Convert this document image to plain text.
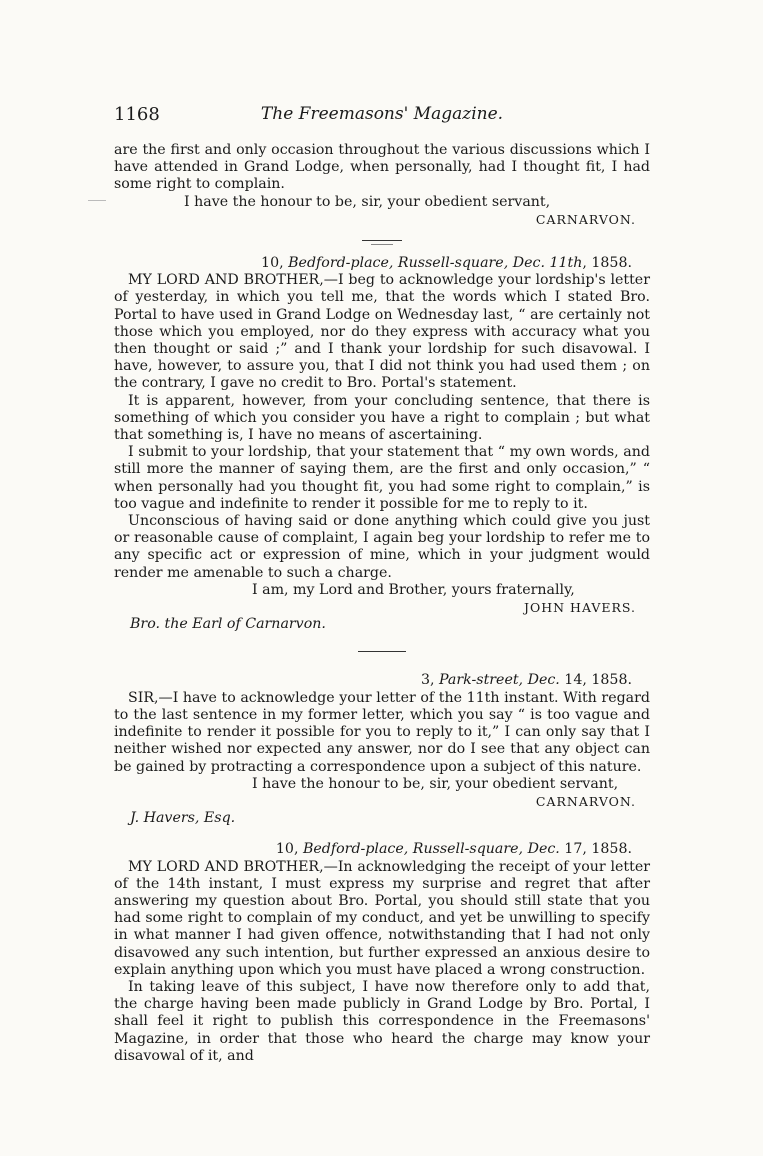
1168	The Freemasons' Magazine.

are the first and only occasion throughout the various discussions which I have attended in Grand Lodge, when personally, had I thought fit, I had some right to complain.

I have the honour to be, sir, your obedient servant,

CARNARVON.

10, Bedford-place, Russell-square, Dec. 11th, 1858.

MY LORD AND BROTHER,—I beg to acknowledge your lordship's letter of yesterday, in which you tell me, that the words which I stated Bro. Portal to have used in Grand Lodge on Wednesday last, “ are certainly not those which you employed, nor do they express with accuracy what you then thought or said ;” and I thank your lordship for such disavowal. I have, however, to assure you, that I did not think you had used them ; on the contrary, I gave no credit to Bro. Portal's statement.

It is apparent, however, from your concluding sentence, that there is something of which you consider you have a right to complain ; but what that something is, I have no means of ascertaining.

I submit to your lordship, that your statement that “ my own words, and still more the manner of saying them, are the first and only occasion,” “ when personally had you thought fit, you had some right to complain,” is too vague and indefinite to render it possible for me to reply to it.

Unconscious of having said or done anything which could give you just or reasonable cause of complaint, I again beg your lordship to refer me to any specific act or expression of mine, which in your judgment would render me amenable to such a charge.

I am, my Lord and Brother, yours fraternally,

JOHN HAVERS.

Bro. the Earl of Carnarvon.

3, Park-street, Dec. 14, 1858.

SIR,—I have to acknowledge your letter of the 11th instant. With regard to the last sentence in my former letter, which you say “ is too vague and indefinite to render it possible for you to reply to it,” I can only say that I neither wished nor expected any answer, nor do I see that any object can be gained by protracting a correspondence upon a subject of this nature.

I have the honour to be, sir, your obedient servant,

CARNARVON.

J. Havers, Esq.

10, Bedford-place, Russell-square, Dec. 17, 1858.

MY LORD AND BROTHER,—In acknowledging the receipt of your letter of the 14th instant, I must express my surprise and regret that after answering my question about Bro. Portal, you should still state that you had some right to complain of my conduct, and yet be unwilling to specify in what manner I had given offence, notwithstanding that I had not only disavowed any such intention, but further expressed an anxious desire to explain anything upon which you must have placed a wrong construction.

In taking leave of this subject, I have now therefore only to add that, the charge having been made publicly in Grand Lodge by Bro. Portal, I shall feel it right to publish this correspondence in the Freemasons' Magazine, in order that those who heard the charge may know your disavowal of it, and
